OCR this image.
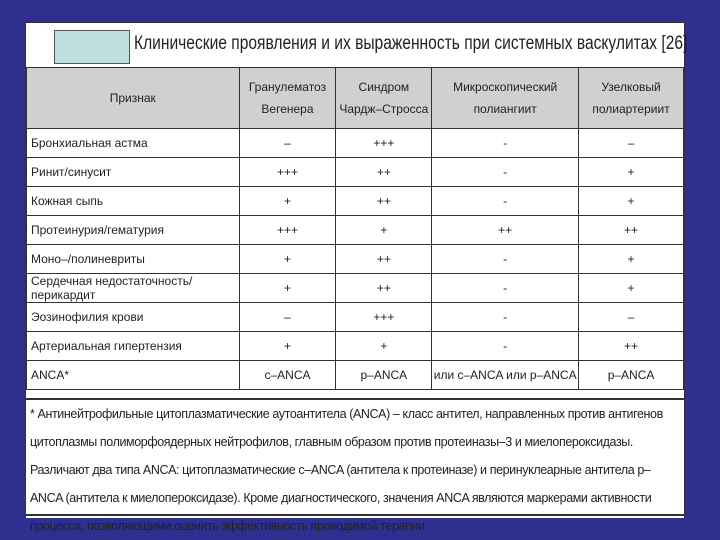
Клинические проявления и их выраженность при системных васкулитах [26]
Признак	Гранулематоз Вегенера	Синдром Чардж–Стросса	Микроскопический полиангиит	Узелковый полиартериит
Бронхиальная астма	–	+++	-	–
Ринит/синусит	+++	++	-	+
Кожная сыпь	+	++	-	+
Протеинурия/гематурия	+++	+	++	++
Моно–/полиневриты	+	++	-	+
Сердечная недостаточность/перикардит	+	++	-	+
Эозинофилия крови	–	+++	-	–
Артериальная гипертензия	+	+	-	++
ANCA*	c–ANCA	p–ANCA	или c–ANCA или p–ANCA	p–ANCA
* Антинейтрофильные цитоплазматические аутоантитела (ANCA) – класс антител, направленных против антигенов цитоплазмы полиморфоядерных нейтрофилов, главным образом против протеиназы–3 и миелопероксидазы. Различают два типа ANCA: цитоплазматические c–ANCA (антитела к протеиназе) и перинуклеарные антитела p–ANCA (антитела к миелопероксидазе). Кроме диагностического, значения ANCA являются маркерами активности процесса, позволяющими оценить эффективность проводимой терапии
